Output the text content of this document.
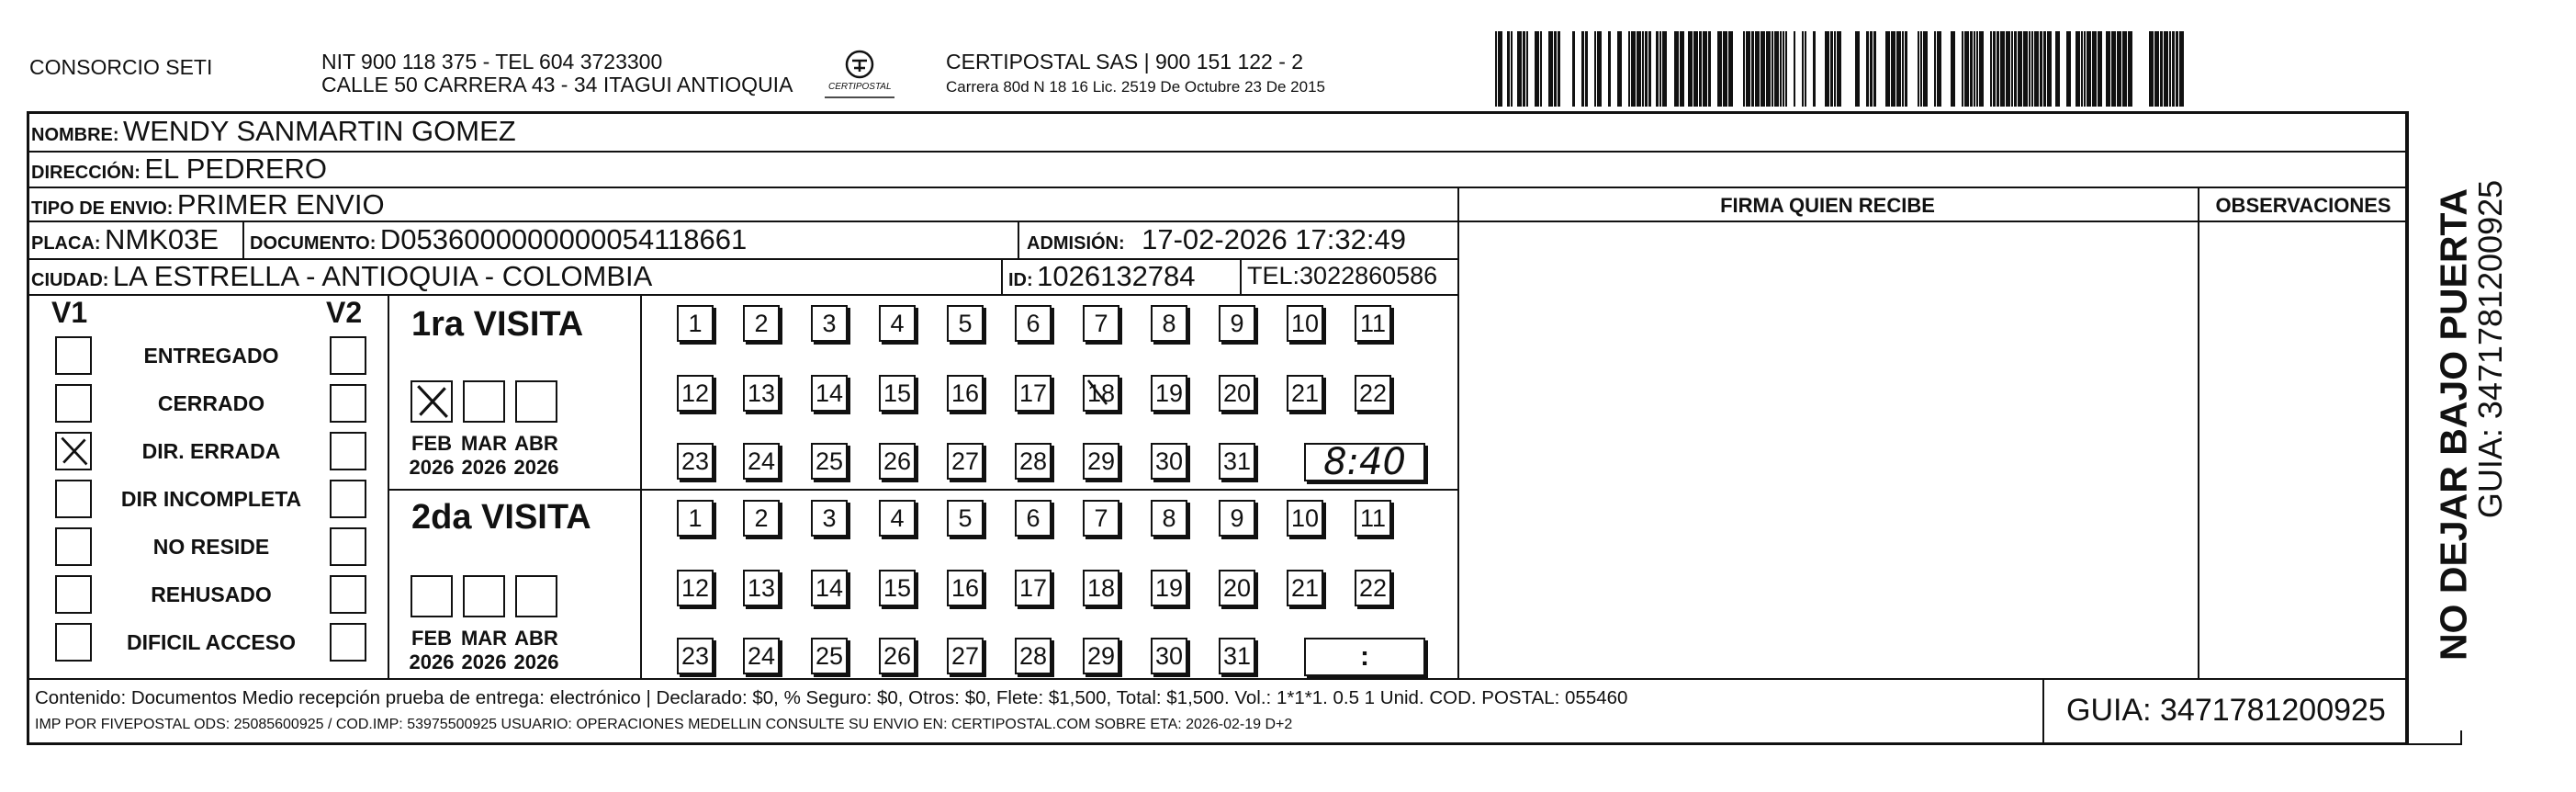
CONSORCIO SETI	NIT 900 118 375 - TEL 604 3723300
CALLE 50 CARRERA 43 - 34 ITAGUI ANTIOQUIA	CERTIPOSTAL
CERTIPOSTAL SAS | 900 151 122 - 2
Carrera 80d N 18 16 Lic. 2519 De Octubre 23 De 2015
NOMBRE: WENDY SANMARTIN GOMEZ
DIRECCIÓN: EL PEDRERO
TIPO DE ENVIO: PRIMER ENVIO
PLACA: NMK03E DOCUMENTO: D0536000000000054118661	ADMISIÓN: 17-02-2026 17:32:49
CIUDAD: LA ESTRELLA - ANTIOQUIA - COLOMBIA	ID: 1026132784 TEL:3022860586
FIRMA QUIEN RECIBE	OBSERVACIONES
V1	V2
ENTREGADO
CERRADO
DIR. ERRADA
DIR INCOMPLETA
NO RESIDE
REHUSADO
DIFICIL ACCESO
1ra VISITA
2da VISITA
FEB
2026
MAR
2026
ABR
2026
FEB
2026
MAR
2026
ABR
2026
1 2 3 4 5 6 7 8 9 10 11
12 13 14 15 16 17 18 19 20 21 22
23 24 25 26 27 28 29 30 31 8:40
1 2 3 4 5 6 7 8 9 10 11
12 13 14 15 16 17 18 19 20 21 22
23 24 25 26 27 28 29 30 31	:
Contenido: Documentos Medio recepción prueba de entrega: electrónico | Declarado: $0, % Seguro: $0, Otros: $0, Flete: $1,500, Total: $1,500. Vol.: 1*1*1. 0.5 1 Unid. COD. POSTAL: 055460
IMP POR FIVEPOSTAL ODS: 25085600925 / COD.IMP: 53975500925 USUARIO: OPERACIONES MEDELLIN CONSULTE SU ENVIO EN: CERTIPOSTAL.COM SOBRE ETA: 2026-02-19 D+2	GUIA: 3471781200925
NO DEJAR BAJO PUERTA
GUIA: 3471781200925
